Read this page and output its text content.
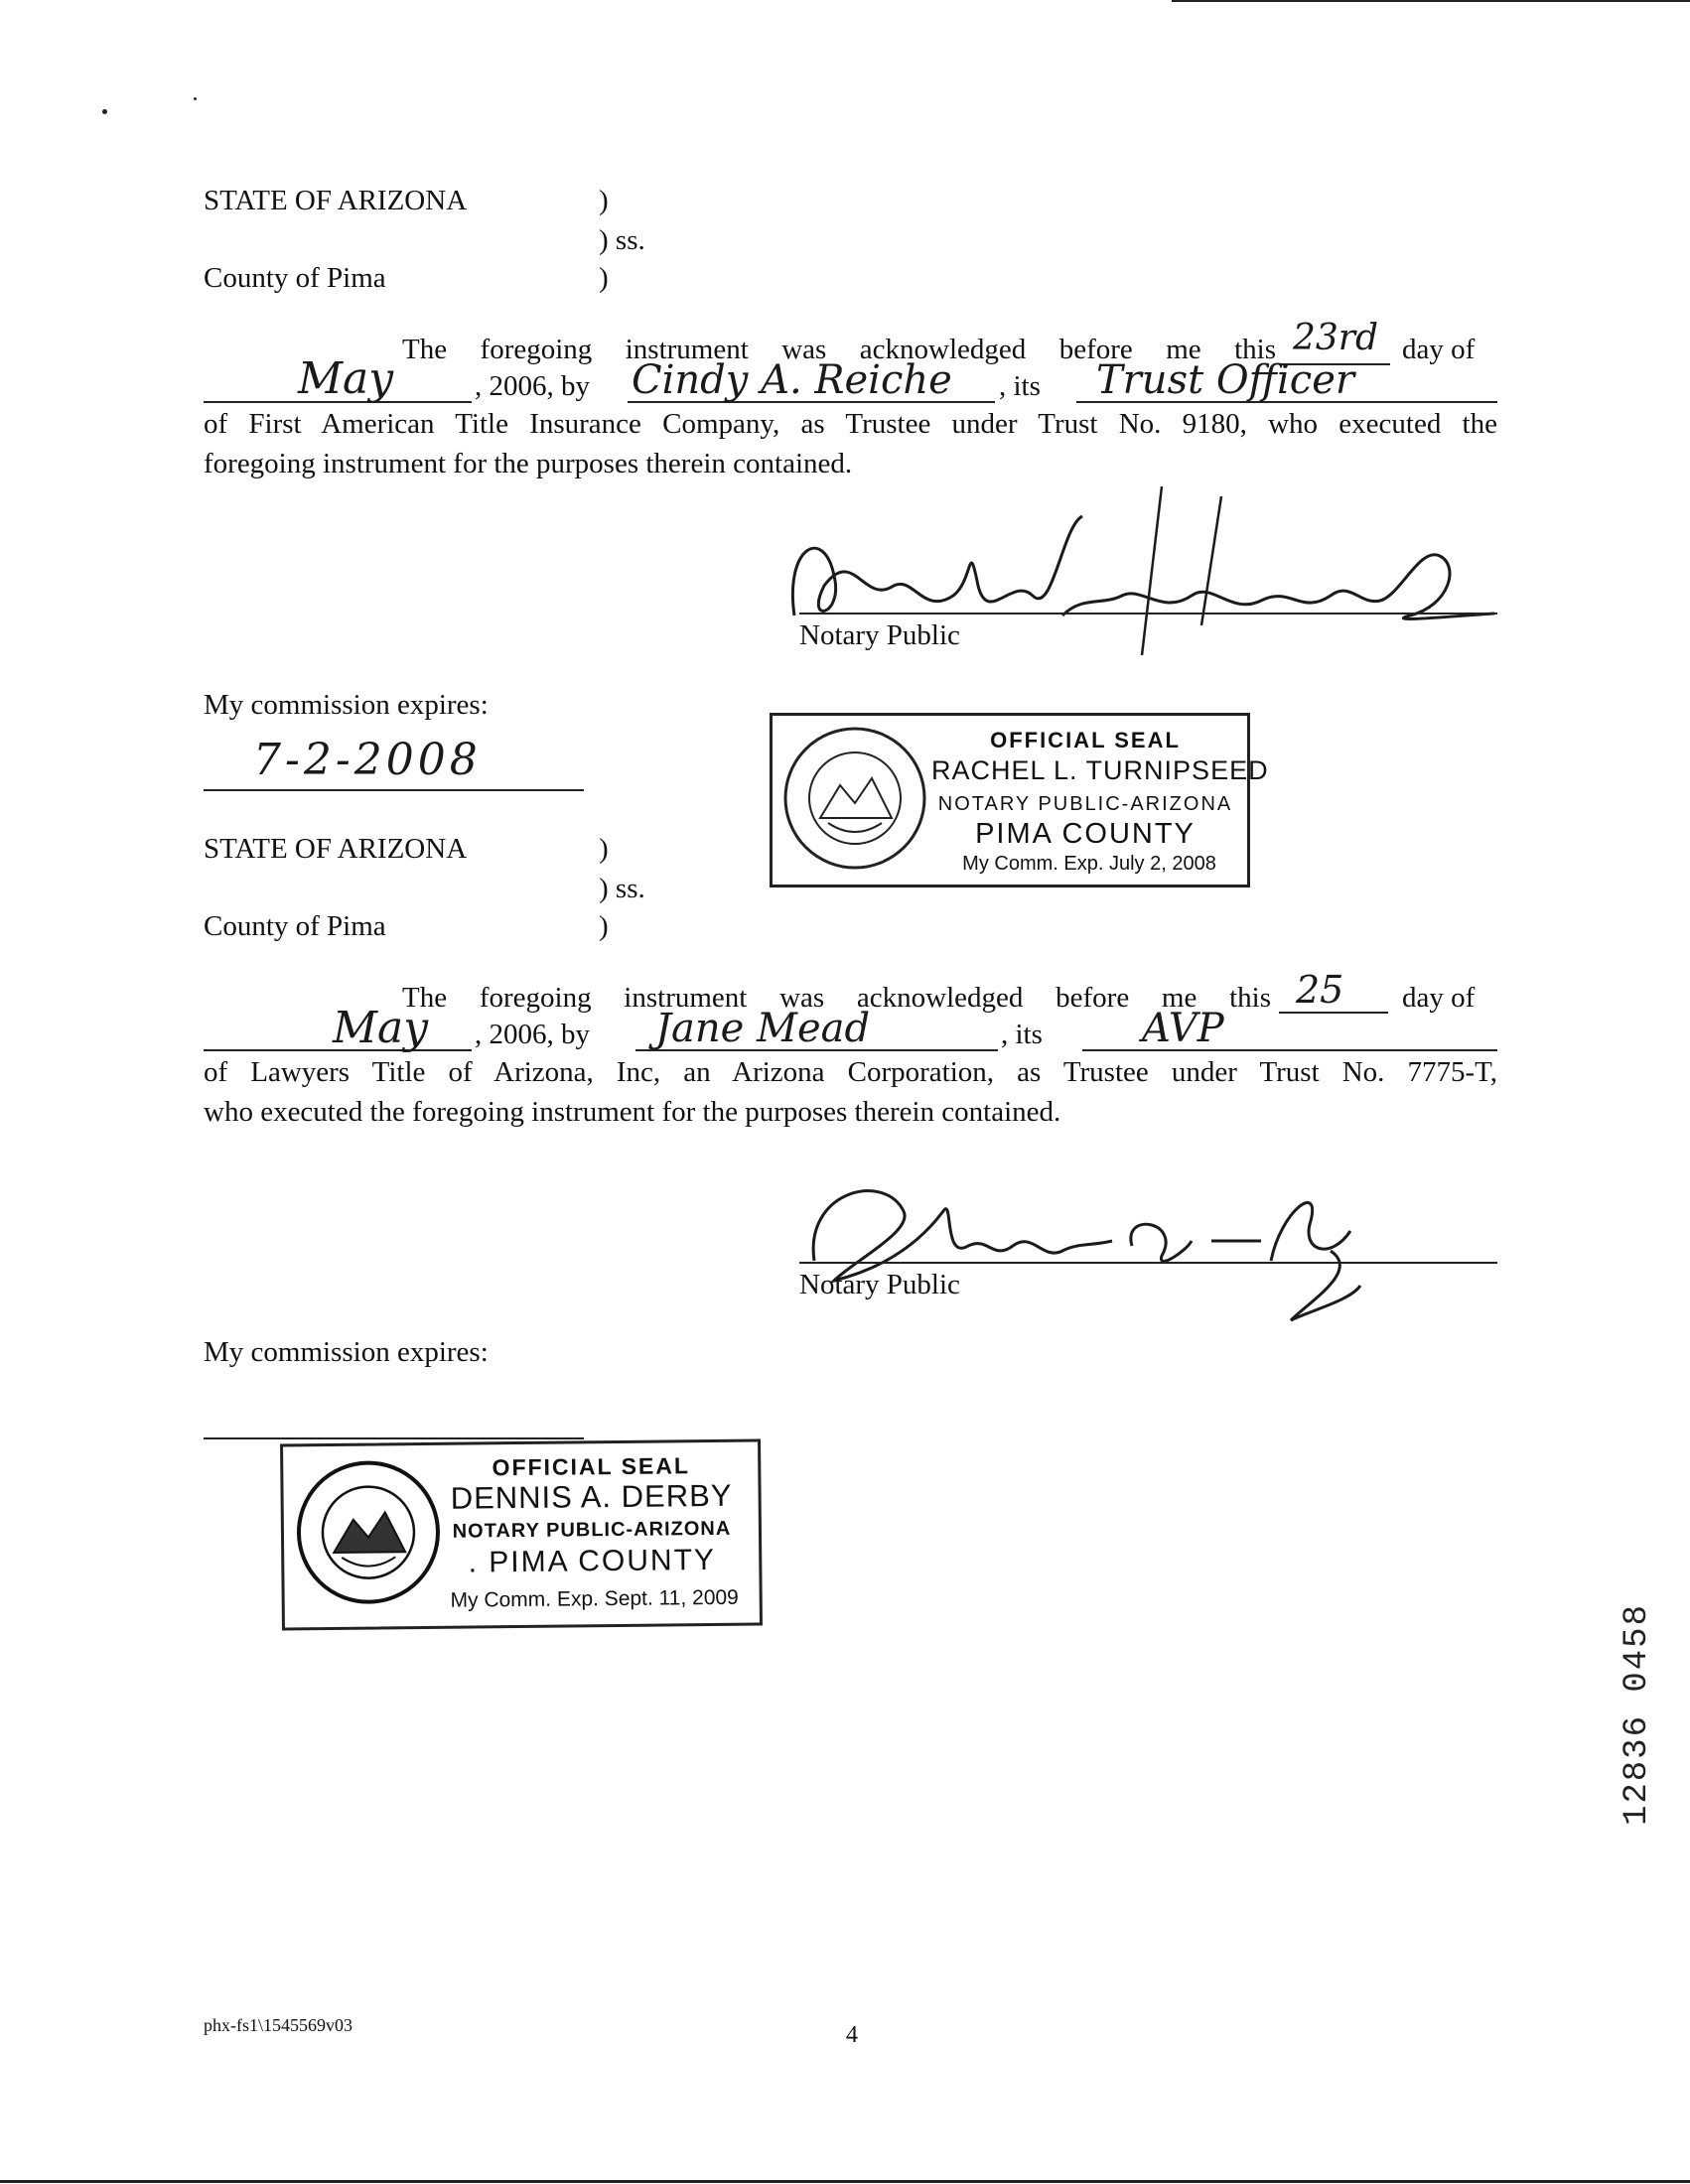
STATE OF ARIZONA	)
) ss.
County of Pima	)
The foregoing instrument was acknowledged before me this 23rd day of
May	, 2006, by Cindy A. Reiche , its Trust Officer
of First American Title Insurance Company, as Trustee under Trust No. 9180, who executed the
foregoing instrument for the purposes therein contained.
Notary Public
My commission expires:
7-2-2008	OFFICIAL SEAL
RACHEL L. TURNIPSEED
NOTARY PUBLIC-ARIZONA
PIMA COUNTY
My Comm. Exp. July 2, 2008
STATE OF ARIZONA	)
) ss.
County of Pima	)
The foregoing instrument was acknowledged before me this 25 day of
May , 2006, by Jane Mead	, its	AVP
of Lawyers Title of Arizona, Inc, an Arizona Corporation, as Trustee under Trust No. 7775-T,
who executed the foregoing instrument for the purposes therein contained.
Notary Public
My commission expires:
OFFICIAL SEAL
DENNIS A. DERBY
NOTARY PUBLIC-ARIZONA
. PIMA COUNTY
My Comm. Exp. Sept. 11, 2009
phx-fs1\1545569v03	4
12836 0458
